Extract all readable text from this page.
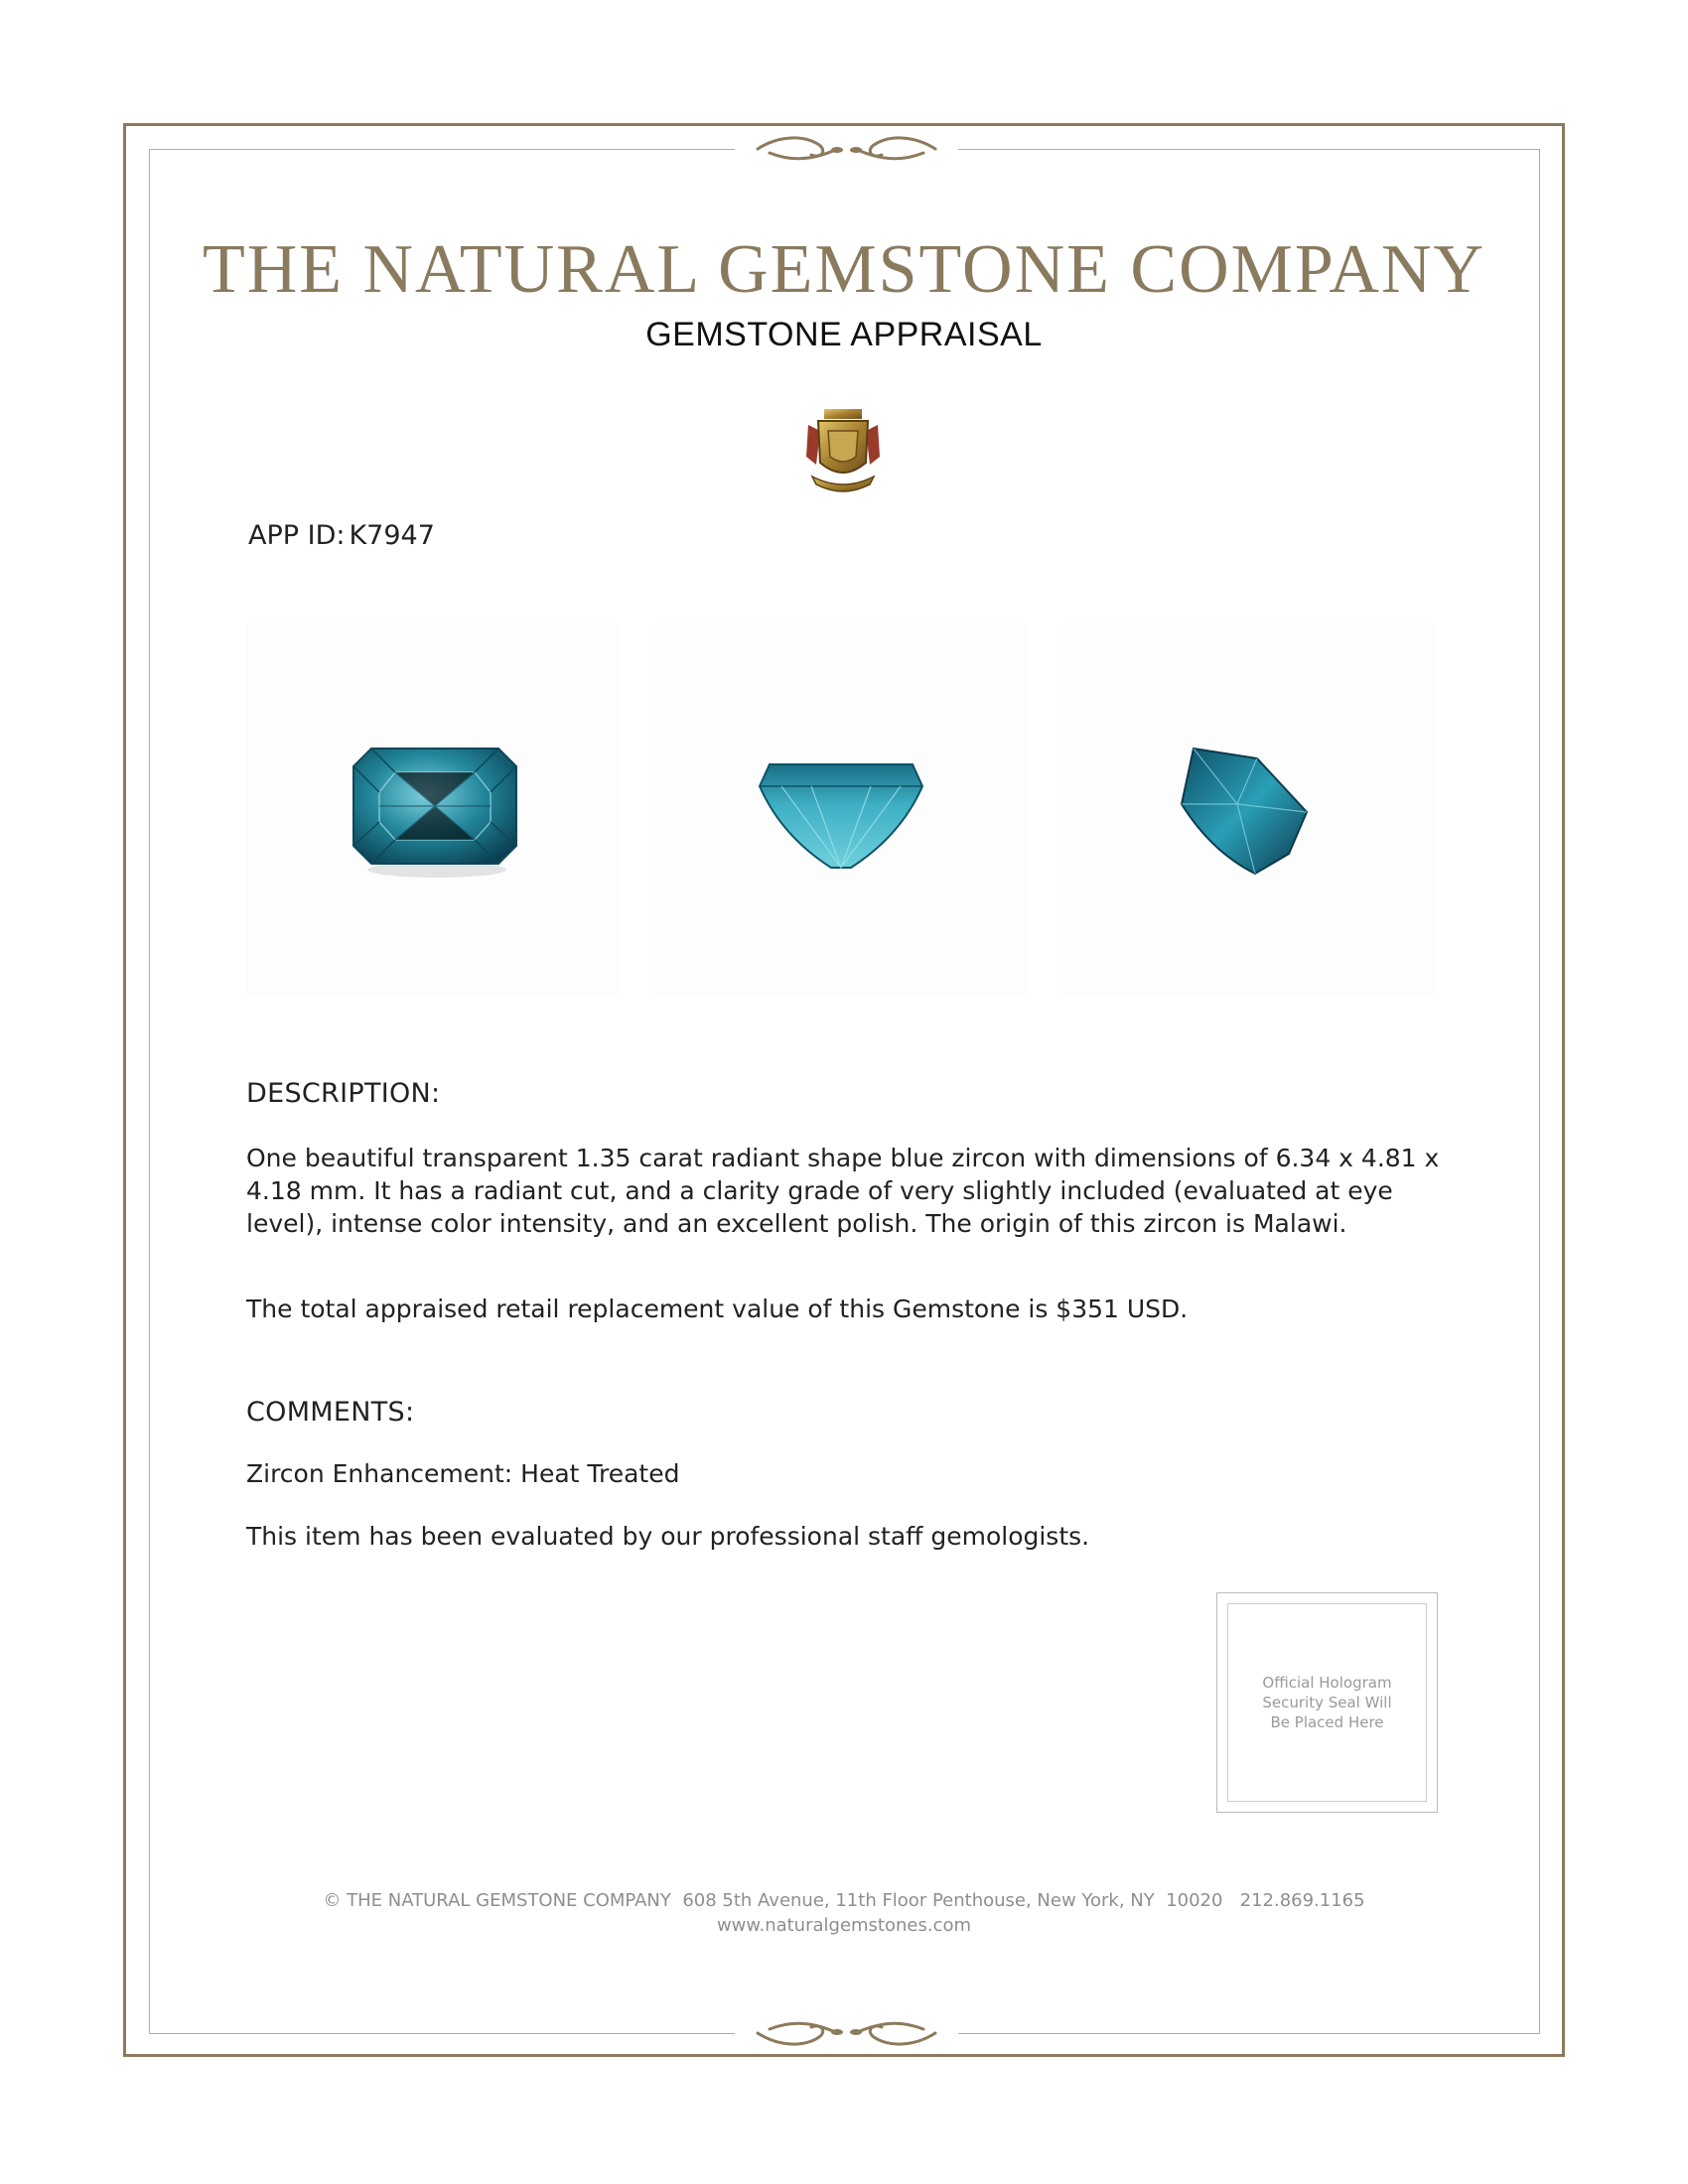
THE NATURAL GEMSTONE COMPANY
GEMSTONE APPRAISAL
APP ID: K7947
DESCRIPTION:
One beautiful transparent 1.35 carat radiant shape blue zircon with dimensions of 6.34 x 4.81 x 4.18 mm. It has a radiant cut, and a clarity grade of very slightly included (evaluated at eye level), intense color intensity, and an excellent polish. The origin of this zircon is Malawi.
The total appraised retail replacement value of this Gemstone is $351 USD.
COMMENTS:
Zircon Enhancement: Heat Treated
This item has been evaluated by our professional staff gemologists.
Official Hologram Security Seal Will Be Placed Here
© THE NATURAL GEMSTONE COMPANY  608 5th Avenue, 11th Floor Penthouse, New York, NY  10020   212.869.1165
www.naturalgemstones.com
